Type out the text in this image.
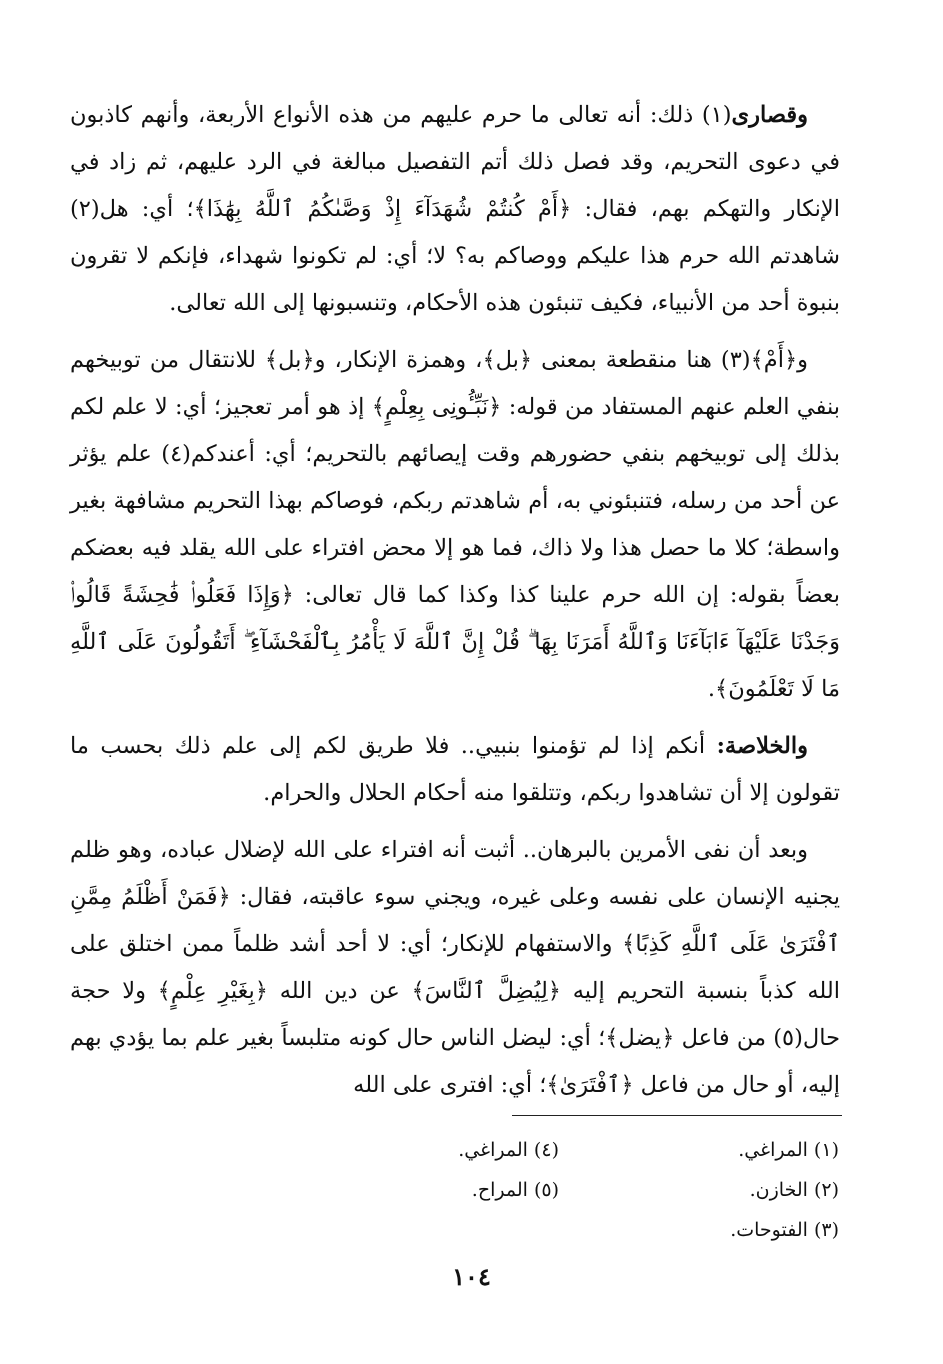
وقصارى(١) ذلك: أنه تعالى ما حرم عليهم من هذه الأنواع الأربعة، وأنهم كاذبون في دعوى التحريم، وقد فصل ذلك أتم التفصيل مبالغة في الرد عليهم، ثم زاد في الإنكار والتهكم بهم، فقال: ﴿أَمْ كُنتُمْ شُهَدَآءَ إِذْ وَصَّىٰكُمُ ٱللَّهُ بِهَٰذَا﴾؛ أي: هل(٢) شاهدتم الله حرم هذا عليكم ووصاكم به؟ لا؛ أي: لم تكونوا شهداء، فإنكم لا تقرون بنبوة أحد من الأنبياء، فكيف تنبئون هذه الأحكام، وتنسبونها إلى الله تعالى.

و﴿أَمْ﴾(٣) هنا منقطعة بمعنى ﴿بل﴾، وهمزة الإنكار، و﴿بل﴾ للانتقال من توبيخهم بنفي العلم عنهم المستفاد من قوله: ﴿نَبِّـُٔونِى بِعِلْمٍ﴾ إذ هو أمر تعجيز؛ أي: لا علم لكم بذلك إلى توبيخهم بنفي حضورهم وقت إيصائهم بالتحريم؛ أي: أعندكم(٤) علم يؤثر عن أحد من رسله، فتنبئوني به، أم شاهدتم ربكم، فوصاكم بهذا التحريم مشافهة بغير واسطة؛ كلا ما حصل هذا ولا ذاك، فما هو إلا محض افتراء على الله يقلد فيه بعضكم بعضاً بقوله: إن الله حرم علينا كذا وكذا كما قال تعالى: ﴿وَإِذَا فَعَلُوا۟ فَٰحِشَةً قَالُوا۟ وَجَدْنَا عَلَيْهَآ ءَابَآءَنَا وَٱللَّهُ أَمَرَنَا بِهَا ۗ قُلْ إِنَّ ٱللَّهَ لَا يَأْمُرُ بِٱلْفَحْشَآءِ ۖ أَتَقُولُونَ عَلَى ٱللَّهِ مَا لَا تَعْلَمُونَ﴾.

والخلاصة: أنكم إذا لم تؤمنوا بنبيي.. فلا طريق لكم إلى علم ذلك بحسب ما تقولون إلا أن تشاهدوا ربكم، وتتلقوا منه أحكام الحلال والحرام.

وبعد أن نفى الأمرين بالبرهان.. أثبت أنه افتراء على الله لإضلال عباده، وهو ظلم يجنيه الإنسان على نفسه وعلى غيره، ويجني سوء عاقبته، فقال: ﴿فَمَنْ أَظْلَمُ مِمَّنِ ٱفْتَرَىٰ عَلَى ٱللَّهِ كَذِبًا﴾ والاستفهام للإنكار؛ أي: لا أحد أشد ظلماً ممن اختلق على الله كذباً بنسبة التحريم إليه ﴿لِيُضِلَّ ٱلنَّاسَ﴾ عن دين الله ﴿بِغَيْرِ عِلْمٍ﴾ ولا حجة حال(٥) من فاعل ﴿يضل﴾؛ أي: ليضل الناس حال كونه متلبساً بغير علم بما يؤدي بهم إليه، أو حال من فاعل ﴿ٱفْتَرَىٰ﴾؛ أي: افترى على الله

(١) المراغي.
(٤) المراغي.
(٢) الخازن.
(٥) المراح.
(٣) الفتوحات.
١٠٤
